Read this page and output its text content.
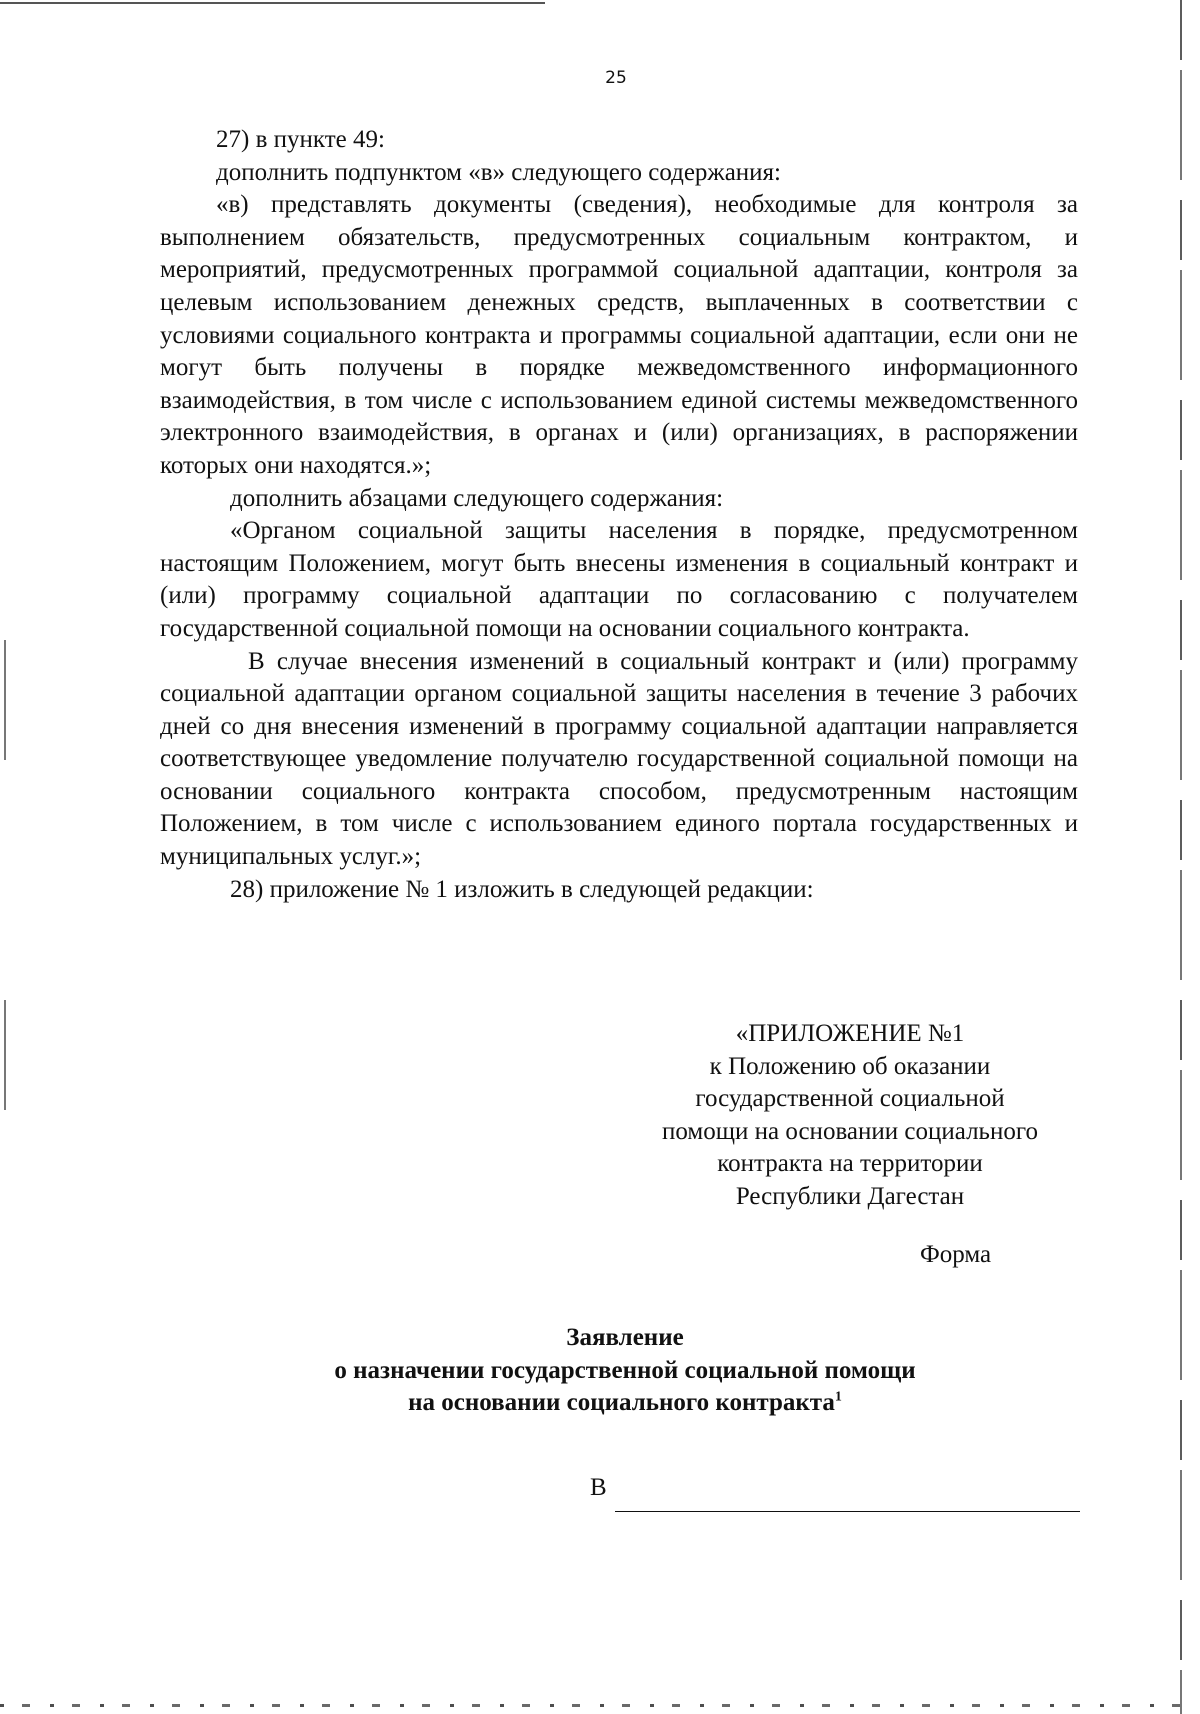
25

27) в пункте 49:

дополнить подпунктом «в» следующего содержания:

«в) представлять документы (сведения), необходимые для контроля за выполнением обязательств, предусмотренных социальным контрактом, и мероприятий, предусмотренных программой социальной адаптации, контроля за целевым использованием денежных средств, выплаченных в соответствии с условиями социального контракта и программы социальной адаптации, если они не могут быть получены в порядке межведомственного информационного взаимодействия, в том числе с использованием единой системы межведомственного электронного взаимодействия, в органах и (или) организациях, в распоряжении которых они находятся.»;

дополнить абзацами следующего содержания:

«Органом социальной защиты населения в порядке, предусмотренном настоящим Положением, могут быть внесены изменения в социальный контракт и (или) программу социальной адаптации по согласованию с получателем государственной социальной помощи на основании социального контракта.

В случае внесения изменений в социальный контракт и (или) программу социальной адаптации органом социальной защиты населения в течение 3 рабочих дней со дня внесения изменений в программу социальной адаптации направляется соответствующее уведомление получателю государственной социальной помощи на основании социального контракта способом, предусмотренным настоящим Положением, в том числе с использованием единого портала государственных и муниципальных услуг.»;

28) приложение № 1 изложить в следующей редакции:

«ПРИЛОЖЕНИЕ №1
к Положению об оказании
государственной социальной
помощи на основании социального
контракта на территории
Республики Дагестан
Форма
Заявление
о назначении государственной социальной помощи
на основании социального контракта$^1$
В
